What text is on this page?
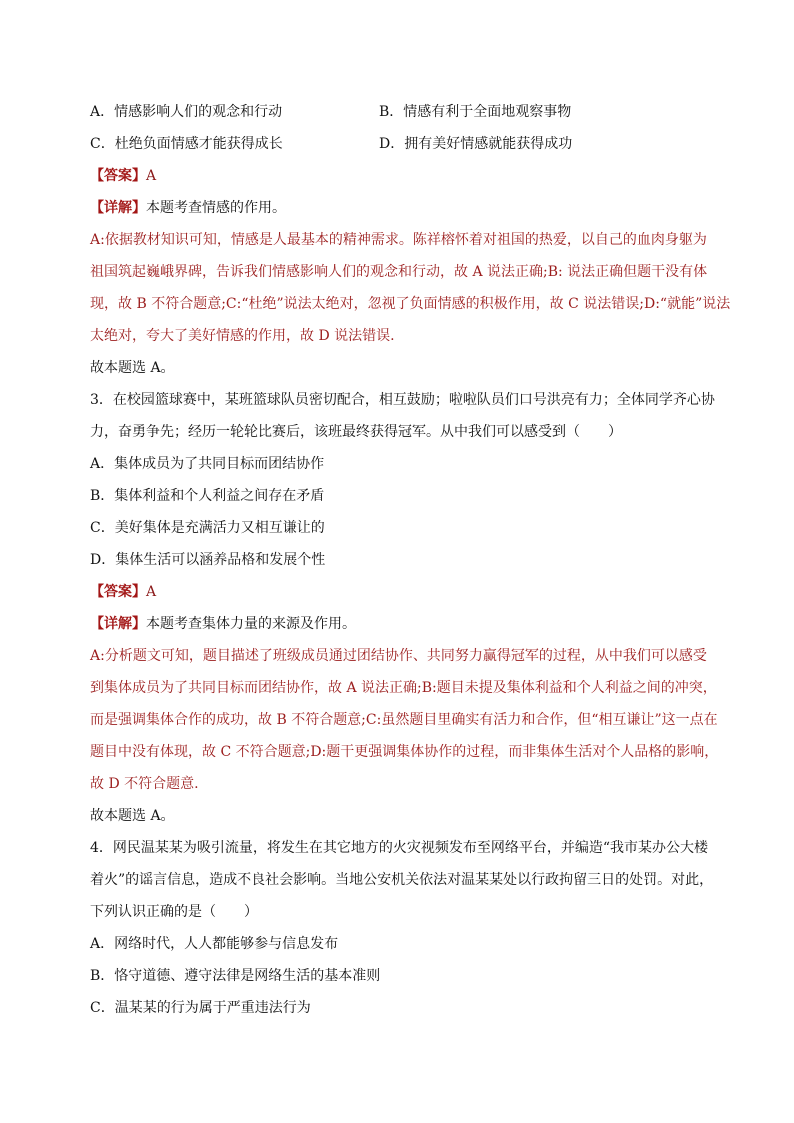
A．情感影响人们的观念和行动	B．情感有利于全面地观察事物
C．杜绝负面情感才能获得成长	D．拥有美好情感就能获得成功
【答案】A
【详解】本题考查情感的作用。
A:依据教材知识可知，情感是人最基本的精神需求。陈祥榕怀着对祖国的热爱，以自己的血肉身躯为
祖国筑起巍峨界碑，告诉我们情感影响人们的观念和行动，故 A 说法正确;B: 说法正确但题干没有体
现，故 B 不符合题意;C:“杜绝”说法太绝对，忽视了负面情感的积极作用，故 C 说法错误;D:“就能”说法
太绝对，夸大了美好情感的作用，故 D 说法错误.
故本题选 A。
3．在校园篮球赛中，某班篮球队员密切配合，相互鼓励；啦啦队员们口号洪亮有力；全体同学齐心协
力，奋勇争先；经历一轮轮比赛后，该班最终获得冠军。从中我们可以感受到（　　）
A．集体成员为了共同目标而团结协作
B．集体利益和个人利益之间存在矛盾
C．美好集体是充满活力又相互谦让的
D．集体生活可以涵养品格和发展个性
【答案】A
【详解】本题考查集体力量的来源及作用。
A:分析题文可知，题目描述了班级成员通过团结协作、共同努力赢得冠军的过程，从中我们可以感受
到集体成员为了共同目标而团结协作，故 A 说法正确;B:题目未提及集体利益和个人利益之间的冲突，
而是强调集体合作的成功，故 B 不符合题意;C:虽然题目里确实有活力和合作，但“相互谦让”这一点在
题目中没有体现，故 C 不符合题意;D:题干更强调集体协作的过程，而非集体生活对个人品格的影响，
故 D 不符合题意.
故本题选 A。
4．网民温某某为吸引流量，将发生在其它地方的火灾视频发布至网络平台，并编造“我市某办公大楼
着火”的谣言信息，造成不良社会影响。当地公安机关依法对温某某处以行政拘留三日的处罚。对此，
下列认识正确的是（　　）
A．网络时代，人人都能够参与信息发布
B．恪守道德、遵守法律是网络生活的基本准则
C．温某某的行为属于严重违法行为
